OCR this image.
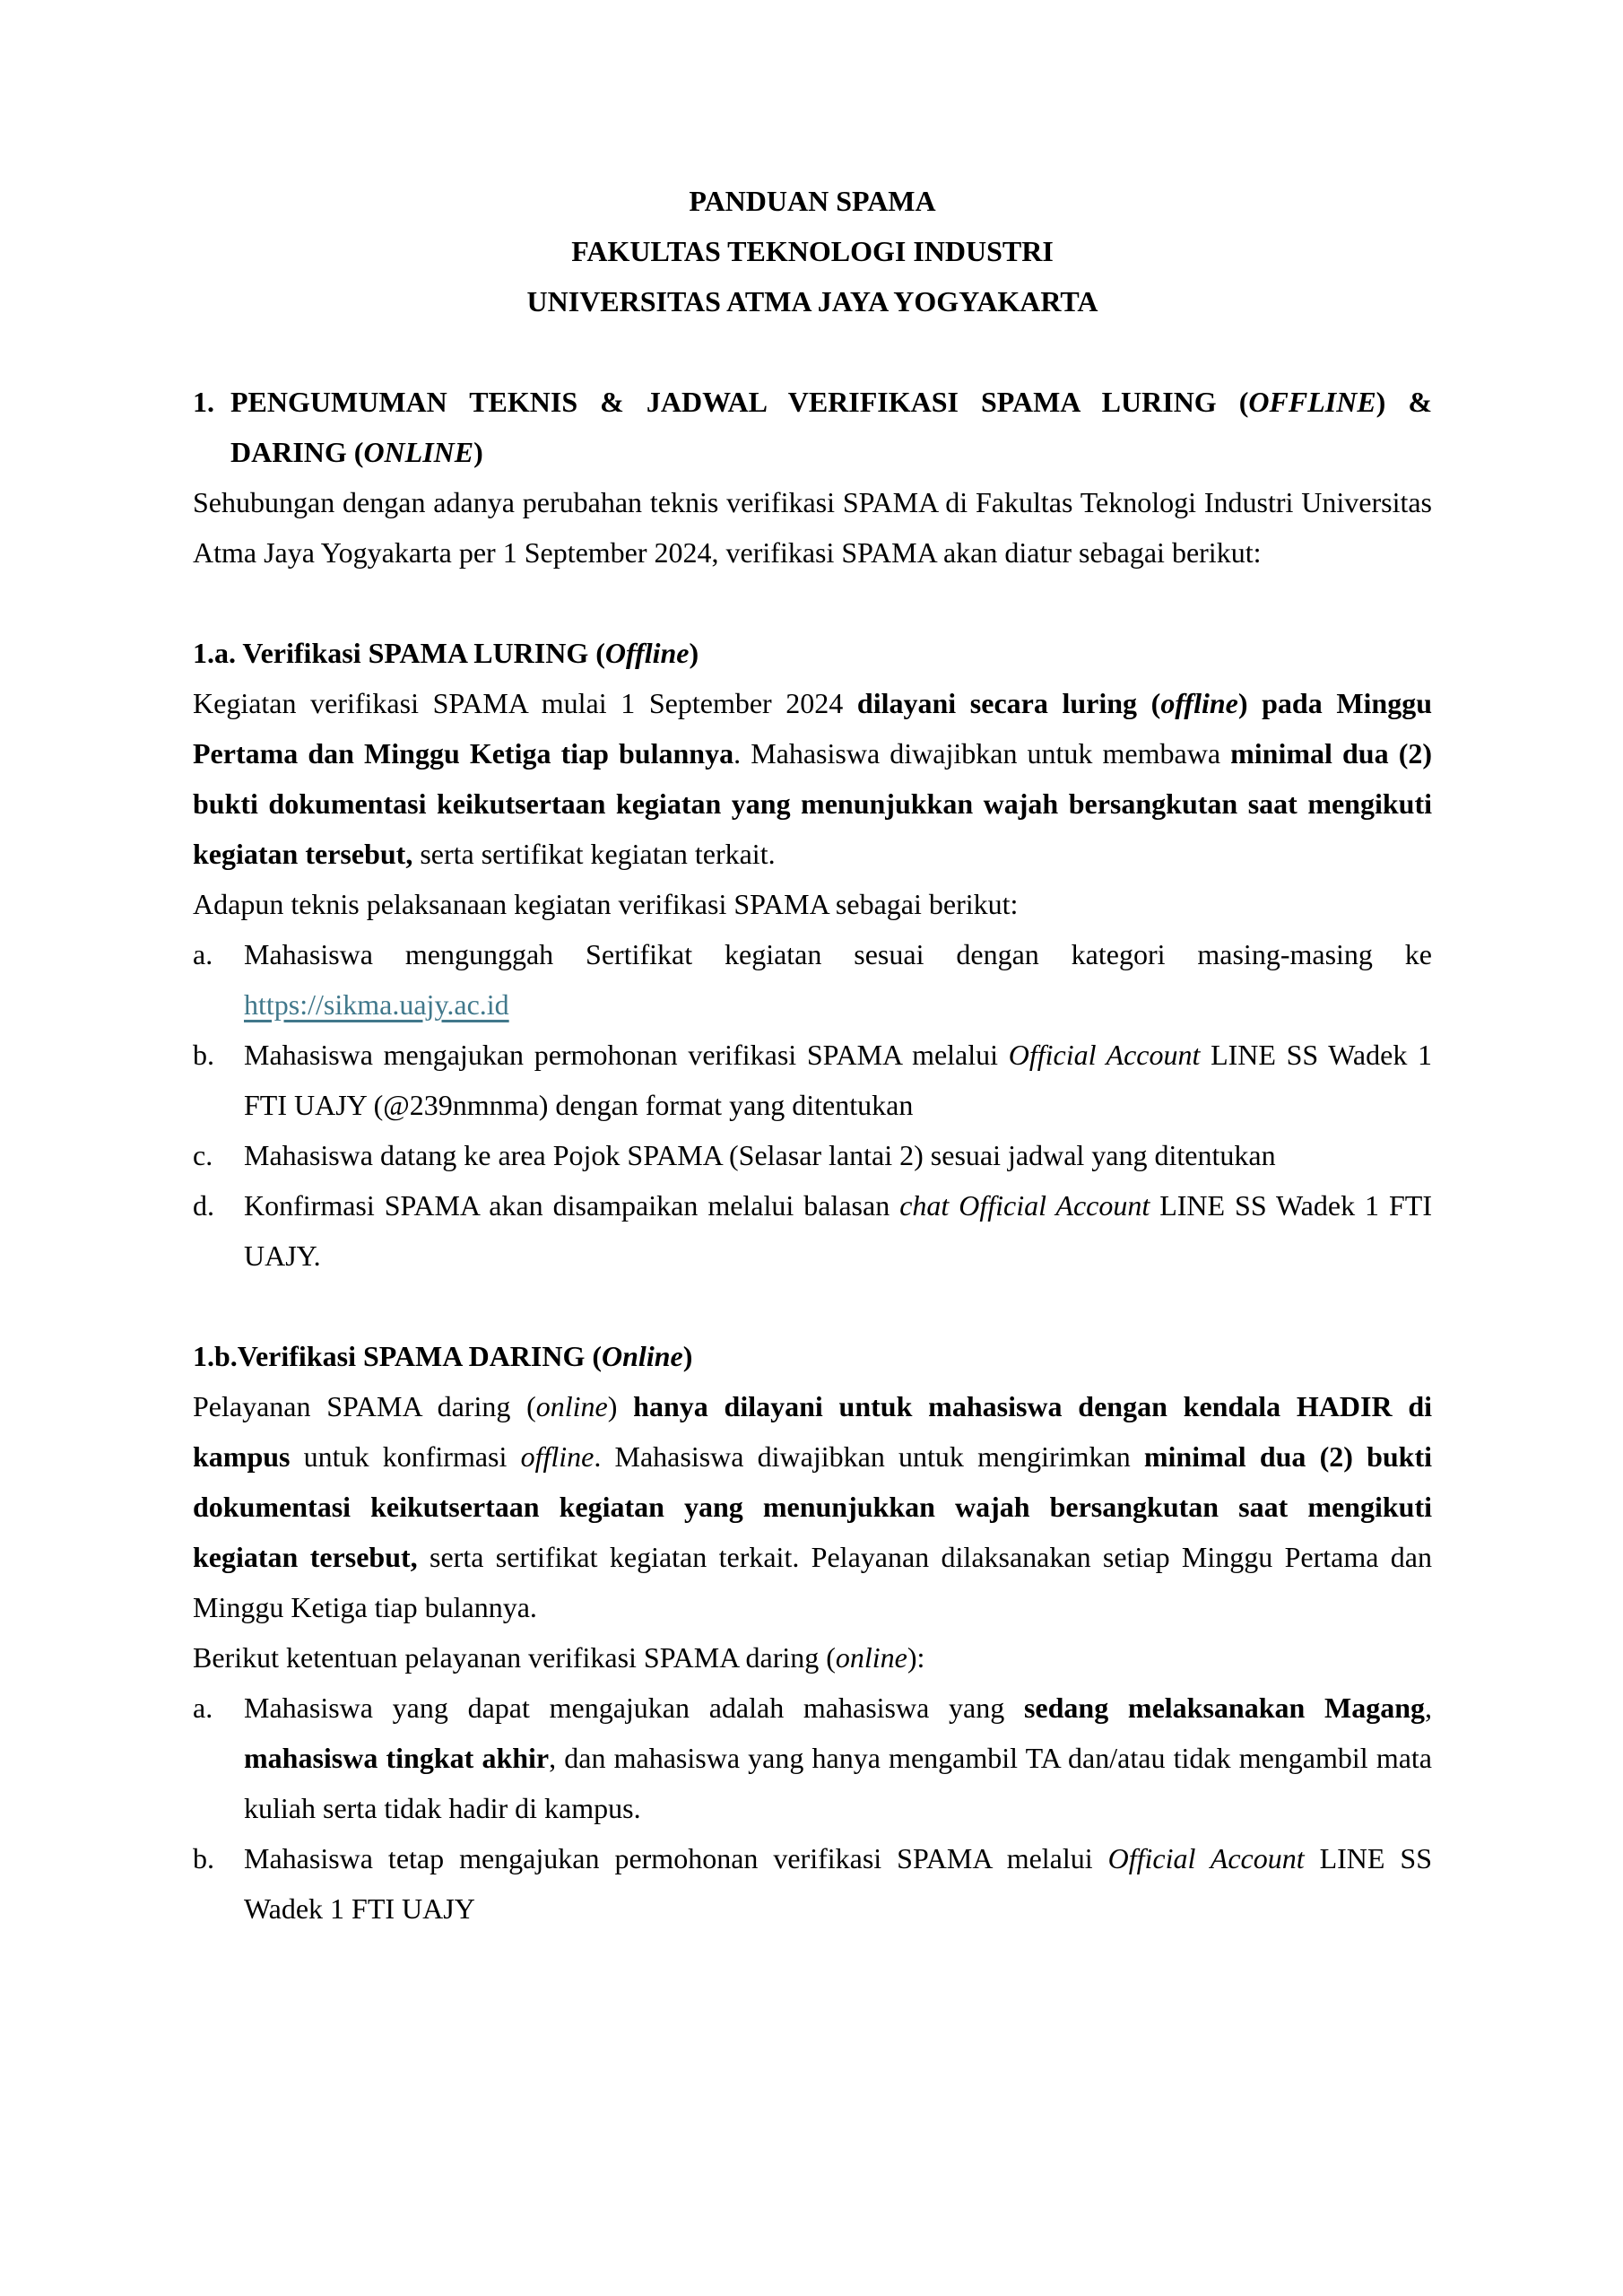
PANDUAN SPAMA

FAKULTAS TEKNOLOGI INDUSTRI

UNIVERSITAS ATMA JAYA YOGYAKARTA

1. PENGUMUMAN TEKNIS & JADWAL VERIFIKASI SPAMA LURING (OFFLINE) &
DARING (ONLINE)

Sehubungan dengan adanya perubahan teknis verifikasi SPAMA di Fakultas Teknologi Industri Universitas Atma Jaya Yogyakarta per 1 September 2024, verifikasi SPAMA akan diatur sebagai berikut:

1.a. Verifikasi SPAMA LURING (Offline)

Kegiatan verifikasi SPAMA mulai 1 September 2024 dilayani secara luring (offline) pada Minggu Pertama dan Minggu Ketiga tiap bulannya. Mahasiswa diwajibkan untuk membawa minimal dua (2) bukti dokumentasi keikutsertaan kegiatan yang menunjukkan wajah bersangkutan saat mengikuti kegiatan tersebut, serta sertifikat kegiatan terkait.

Adapun teknis pelaksanaan kegiatan verifikasi SPAMA sebagai berikut:

a. Mahasiswa mengunggah Sertifikat kegiatan sesuai dengan kategori masing-masing ke https://sikma.uajy.ac.id
b. Mahasiswa mengajukan permohonan verifikasi SPAMA melalui Official Account LINE SS Wadek 1 FTI UAJY (@239nmnma) dengan format yang ditentukan
c. Mahasiswa datang ke area Pojok SPAMA (Selasar lantai 2) sesuai jadwal yang ditentukan
d. Konfirmasi SPAMA akan disampaikan melalui balasan chat Official Account LINE SS Wadek 1 FTI UAJY.
1.b.Verifikasi SPAMA DARING (Online)

Pelayanan SPAMA daring (online) hanya dilayani untuk mahasiswa dengan kendala HADIR di kampus untuk konfirmasi offline. Mahasiswa diwajibkan untuk mengirimkan minimal dua (2) bukti dokumentasi keikutsertaan kegiatan yang menunjukkan wajah bersangkutan saat mengikuti kegiatan tersebut, serta sertifikat kegiatan terkait. Pelayanan dilaksanakan setiap Minggu Pertama dan Minggu Ketiga tiap bulannya.

Berikut ketentuan pelayanan verifikasi SPAMA daring (online):

a. Mahasiswa yang dapat mengajukan adalah mahasiswa yang sedang melaksanakan Magang, mahasiswa tingkat akhir, dan mahasiswa yang hanya mengambil TA dan/atau tidak mengambil mata kuliah serta tidak hadir di kampus.
b. Mahasiswa tetap mengajukan permohonan verifikasi SPAMA melalui Official Account LINE SS Wadek 1 FTI UAJY
